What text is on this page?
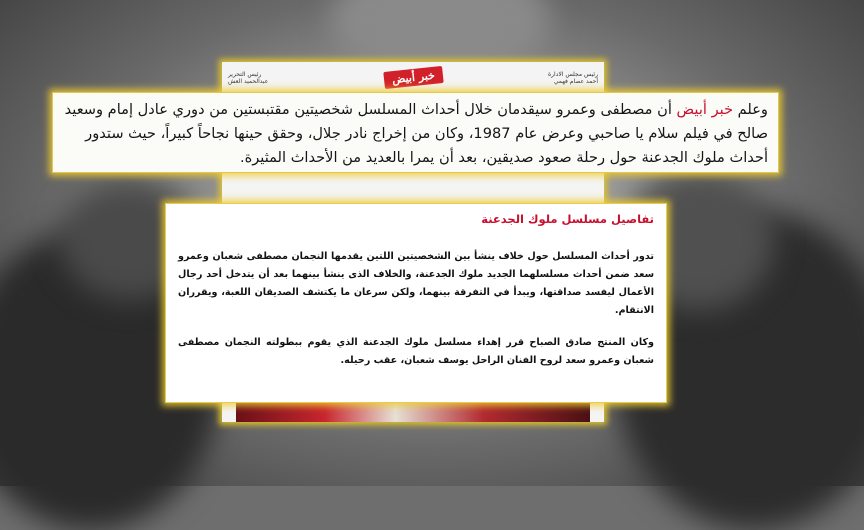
رئيس التحرير
عبدالحميد العش	خبر أبيض	رئيس مجلس الادارة
أحمد عصام فهمي

وعلم خبر أبيض أن مصطفى وعمرو سيقدمان خلال أحداث المسلسل شخصيتين مقتبستين من دوري عادل إمام وسعيد صالح في فيلم سلام يا صاحبي وعرض عام 1987، وكان من إخراج نادر جلال، وحقق حينها نجاحاً كبيراً، حيث ستدور أحداث ملوك الجدعنة حول رحلة صعود صديقين، بعد أن يمرا بالعديد من الأحداث المثيرة.

تفاصيل مسلسل ملوك الجدعنة

تدور أحداث المسلسل حول خلاف ينشأ بين الشخصيتين اللتين يقدمها النجمان مصطفى شعبان وعمرو سعد ضمن أحداث مسلسلهما الجديد ملوك الجدعنة، والخلاف الذى ينشأ بينهما بعد أن يتدخل أحد رجال الأعمال ليفسد صداقتها، ويبدأ في التفرقة بينهما، ولكن سرعان ما يكتشف الصديقان اللعبة، ويقرران الانتقام.

وكان المنتج صادق الصباح قرر إهداء مسلسل ملوك الجدعنة الذي يقوم ببطولته النجمان مصطفى شعبان وعمرو سعد لروح الفنان الراحل يوسف شعبان، عقب رحيله.
